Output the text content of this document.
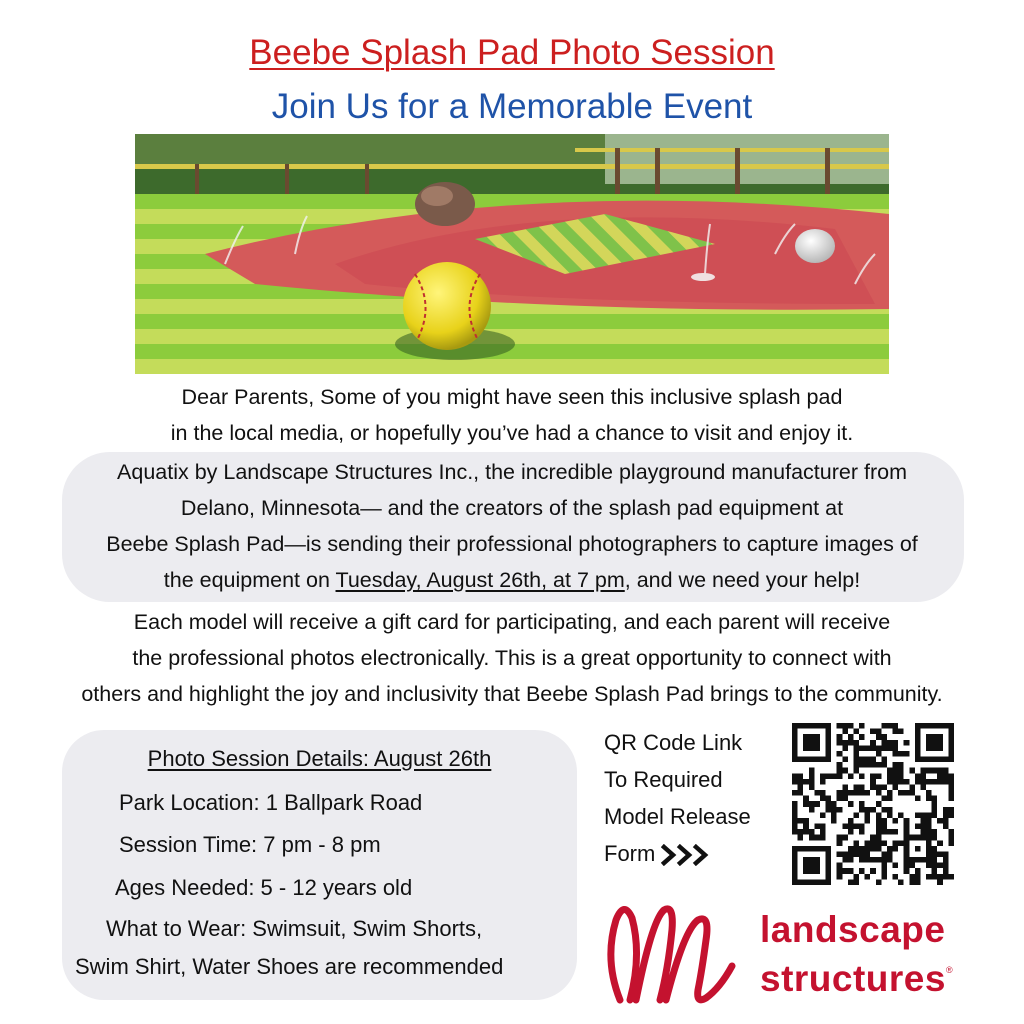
Beebe Splash Pad Photo Session
Join Us for a Memorable Event
Dear Parents, Some of you might have seen this inclusive splash pad
in the local media, or hopefully you’ve had a chance to visit and enjoy it.
Aquatix by Landscape Structures Inc., the incredible playground manufacturer from
Delano, Minnesota— and the creators of the splash pad equipment at
Beebe Splash Pad—is sending their professional photographers to capture images of
the equipment on Tuesday, August 26th, at 7 pm, and we need your help!
Each model will receive a gift card for participating, and each parent will receive
the professional photos electronically. This is a great opportunity to connect with
others and highlight the joy and inclusivity that Beebe Splash Pad brings to the community.
Photo Session Details: August 26th
Park Location: 1 Ballpark Road
Session Time: 7 pm - 8 pm
Ages Needed: 5 - 12 years old
What to Wear: Swimsuit, Swim Shorts,
Swim Shirt, Water Shoes are recommended
QR Code Link
To Required
Model Release
Form
landscape
structures®
